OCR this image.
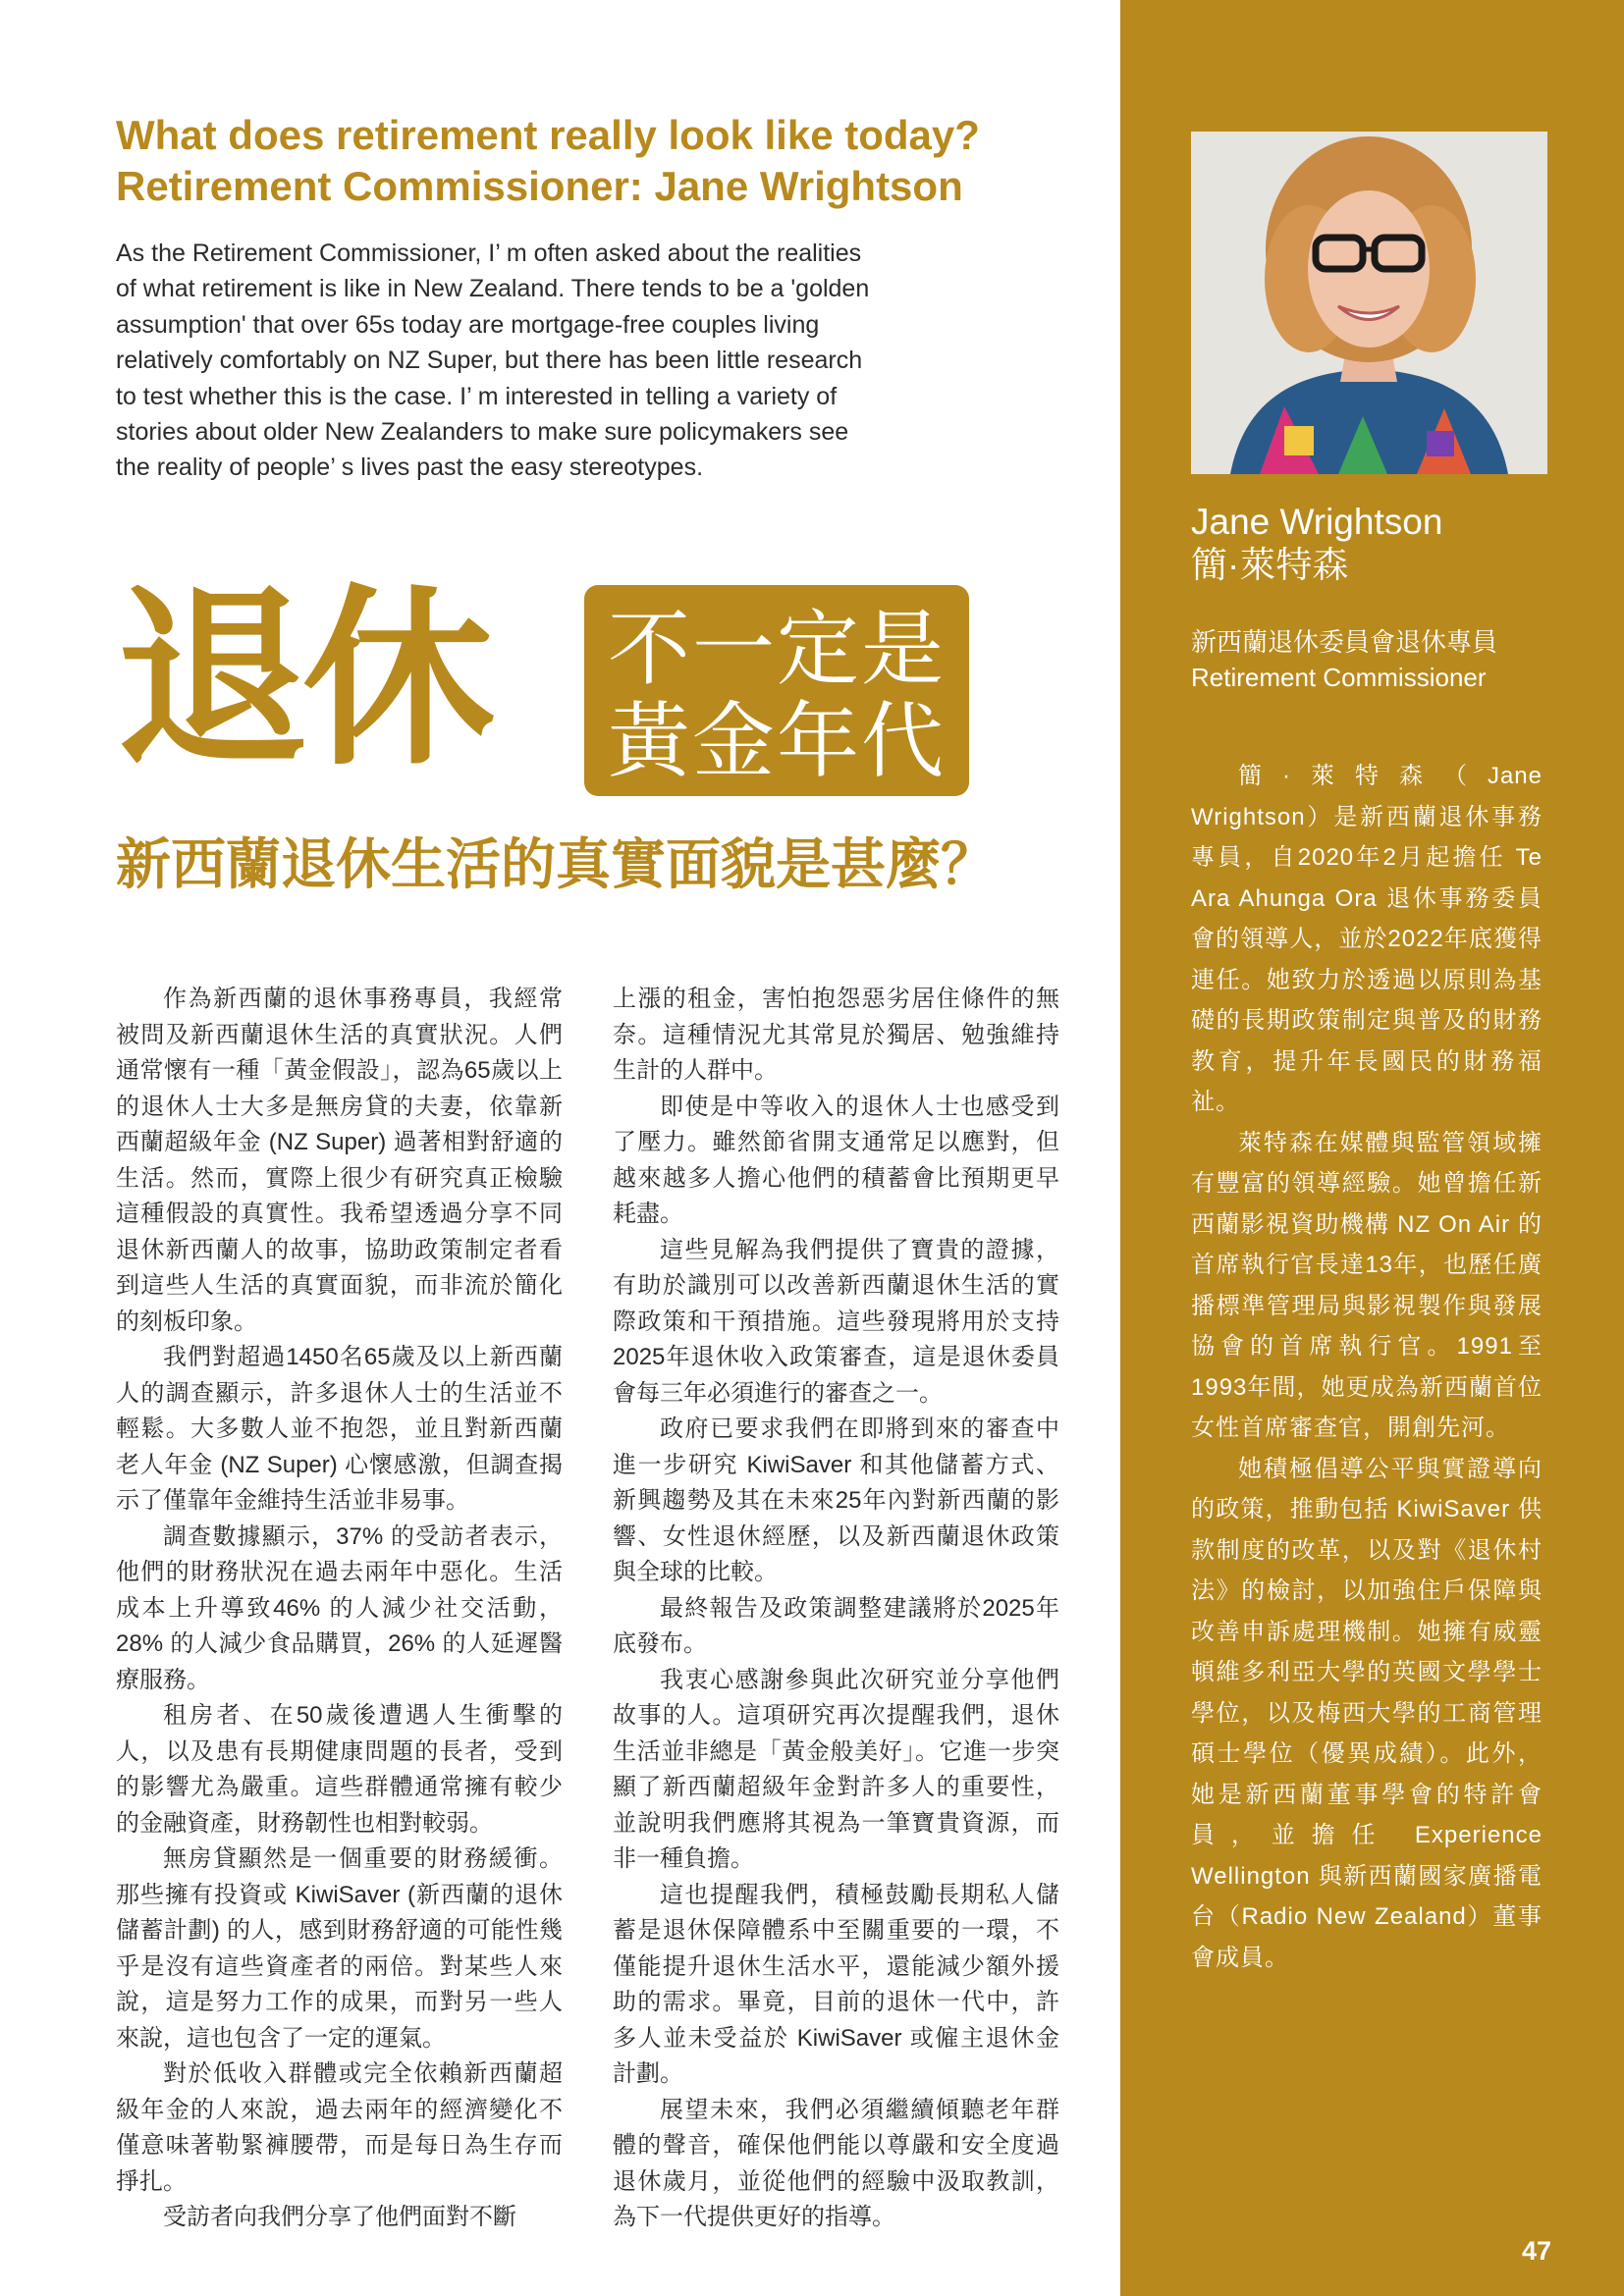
What does retirement really look like today?
Retirement Commissioner: Jane Wrightson
As the Retirement Commissioner, I’ m often asked about the realities
of what retirement is like in New Zealand. There tends to be a 'golden
assumption' that over 65s today are mortgage-free couples living
relatively comfortably on NZ Super, but there has been little research
to test whether this is the case. I’ m interested in telling a variety of
stories about older New Zealanders to make sure policymakers see
the reality of people’ s lives past the easy stereotypes.
退休	不一定是
黃金年代
新西蘭退休生活的真實面貌是甚麼？

作為新西蘭的退休事務專員，我經常被問及新西蘭退休生活的真實狀況。人們通常懷有一種「黃金假設」，認為65歲以上的退休人士大多是無房貸的夫妻，依靠新西蘭超級年金 (NZ Super) 過著相對舒適的生活。然而，實際上很少有研究真正檢驗這種假設的真實性。我希望透過分享不同退休新西蘭人的故事，協助政策制定者看到這些人生活的真實面貌，而非流於簡化的刻板印象。

我們對超過1450名65歲及以上新西蘭人的調查顯示，許多退休人士的生活並不輕鬆。大多數人並不抱怨，並且對新西蘭老人年金 (NZ Super) 心懷感激，但調查揭示了僅靠年金維持生活並非易事。

調查數據顯示，37% 的受訪者表示，他們的財務狀況在過去兩年中惡化。生活成本上升導致46% 的人減少社交活動，28% 的人減少食品購買，26% 的人延遲醫療服務。

租房者、在50歲後遭遇人生衝擊的人，以及患有長期健康問題的長者，受到的影響尤為嚴重。這些群體通常擁有較少的金融資產，財務韌性也相對較弱。

無房貸顯然是一個重要的財務緩衝。那些擁有投資或 KiwiSaver (新西蘭的退休儲蓄計劃) 的人，感到財務舒適的可能性幾乎是沒有這些資產者的兩倍。對某些人來說，這是努力工作的成果，而對另一些人來說，這也包含了一定的運氣。

對於低收入群體或完全依賴新西蘭超級年金的人來說，過去兩年的經濟變化不僅意味著勒緊褲腰帶，而是每日為生存而掙扎。

受訪者向我們分享了他們面對不斷

上漲的租金，害怕抱怨惡劣居住條件的無奈。這種情況尤其常見於獨居、勉強維持生計的人群中。

即使是中等收入的退休人士也感受到了壓力。雖然節省開支通常足以應對，但越來越多人擔心他們的積蓄會比預期更早耗盡。

這些見解為我們提供了寶貴的證據，有助於識別可以改善新西蘭退休生活的實際政策和干預措施。這些發現將用於支持2025年退休收入政策審查，這是退休委員會每三年必須進行的審查之一。

政府已要求我們在即將到來的審查中進一步研究 KiwiSaver 和其他儲蓄方式、新興趨勢及其在未來25年內對新西蘭的影響、女性退休經歷，以及新西蘭退休政策與全球的比較。

最終報告及政策調整建議將於2025年底發布。

我衷心感謝參與此次研究並分享他們故事的人。這項研究再次提醒我們，退休生活並非總是「黃金般美好」。它進一步突顯了新西蘭超級年金對許多人的重要性，並說明我們應將其視為一筆寶貴資源，而非一種負擔。

這也提醒我們，積極鼓勵長期私人儲蓄是退休保障體系中至關重要的一環，不僅能提升退休生活水平，還能減少額外援助的需求。畢竟，目前的退休一代中，許多人並未受益於 KiwiSaver 或僱主退休金計劃。

展望未來，我們必須繼續傾聽老年群體的聲音，確保他們能以尊嚴和安全度過退休歲月，並從他們的經驗中汲取教訓，為下一代提供更好的指導。

Jane Wrightson
簡·萊特森
新西蘭退休委員會退休專員
Retirement Commissioner

簡·萊特森（Jane Wrightson）是新西蘭退休事務專員，自2020年2月起擔任 Te Ara Ahunga Ora 退休事務委員會的領導人，並於2022年底獲得連任。她致力於透過以原則為基礎的長期政策制定與普及的財務教育，提升年長國民的財務福祉。

萊特森在媒體與監管領域擁有豐富的領導經驗。她曾擔任新西蘭影視資助機構 NZ On Air 的首席執行官長達13年，也歷任廣播標準管理局與影視製作與發展協會的首席執行官。1991至1993年間，她更成為新西蘭首位女性首席審查官，開創先河。

她積極倡導公平與實證導向的政策，推動包括 KiwiSaver 供款制度的改革，以及對《退休村法》的檢討，以加強住戶保障與改善申訴處理機制。她擁有威靈頓維多利亞大學的英國文學學士學位，以及梅西大學的工商管理碩士學位（優異成績）。此外，她是新西蘭董事學會的特許會員，並擔任 Experience Wellington 與新西蘭國家廣播電台（Radio New Zealand）董事會成員。

47
